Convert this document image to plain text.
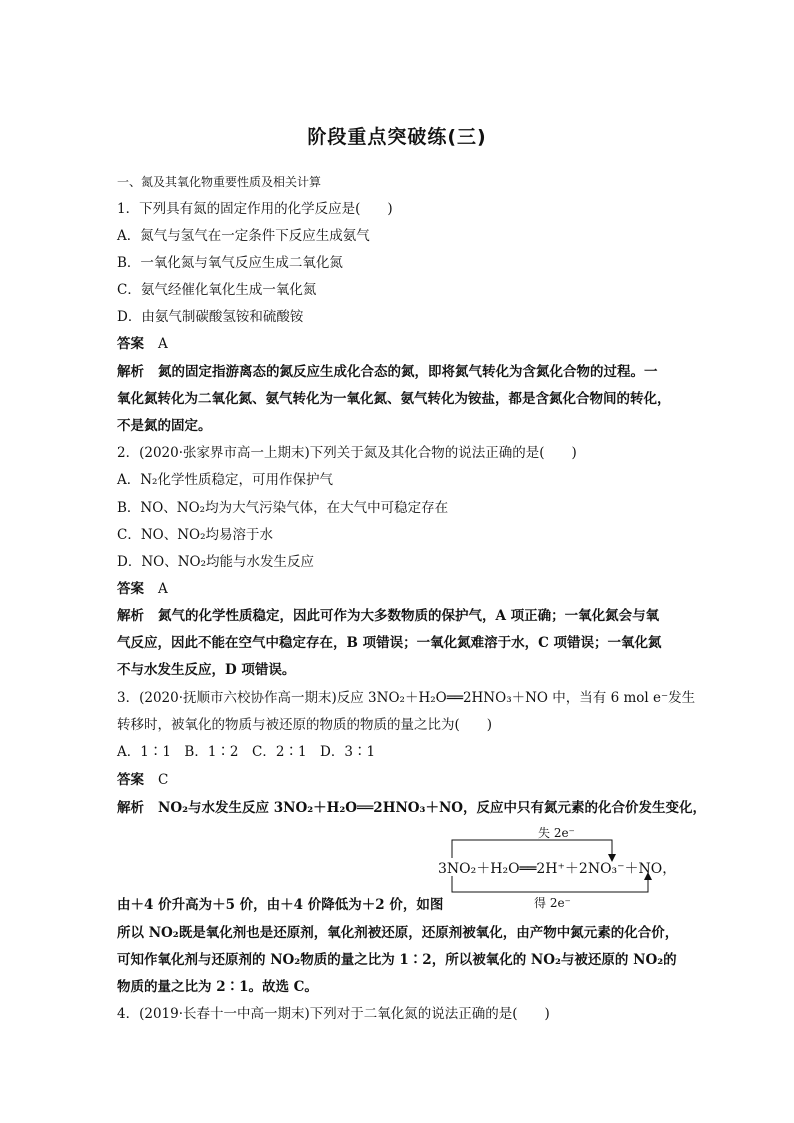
阶段重点突破练(三)
一、氮及其氧化物重要性质及相关计算
1．下列具有氮的固定作用的化学反应是(　　)
A．氮气与氢气在一定条件下反应生成氨气
B．一氧化氮与氧气反应生成二氧化氮
C．氨气经催化氧化生成一氧化氮
D．由氨气制碳酸氢铵和硫酸铵
答案 A
解析 氮的固定指游离态的氮反应生成化合态的氮，即将氮气转化为含氮化合物的过程。一
氧化氮转化为二氧化氮、氨气转化为一氧化氮、氨气转化为铵盐，都是含氮化合物间的转化，
不是氮的固定。
2．(2020·张家界市高一上期末)下列关于氮及其化合物的说法正确的是(　　)
A．N₂化学性质稳定，可用作保护气
B．NO、NO₂均为大气污染气体，在大气中可稳定存在
C．NO、NO₂均易溶于水
D．NO、NO₂均能与水发生反应
答案 A
解析 氮气的化学性质稳定，因此可作为大多数物质的保护气，A 项正确；一氧化氮会与氧
气反应，因此不能在空气中稳定存在，B 项错误；一氧化氮难溶于水，C 项错误；一氧化氮
不与水发生反应，D 项错误。
3．(2020·抚顺市六校协作高一期末)反应 3NO₂＋H₂O══2HNO₃＋NO 中，当有 6 mol e⁻发生
转移时，被氧化的物质与被还原的物质的物质的量之比为(　　)
A．1∶1　B．1∶2　C．2∶1　D．3∶1
答案 C
解析 NO₂与水发生反应 3NO₂＋H₂O══2HNO₃＋NO，反应中只有氮元素的化合价发生变化，
失 2e⁻
3NO₂＋H₂O══2H⁺＋2NO₃⁻＋NO，
得 2e⁻
由＋4 价升高为＋5 价，由＋4 价降低为＋2 价，如图
所以 NO₂既是氧化剂也是还原剂，氧化剂被还原，还原剂被氧化，由产物中氮元素的化合价，
可知作氧化剂与还原剂的 NO₂物质的量之比为 1∶2，所以被氧化的 NO₂与被还原的 NO₂的
物质的量之比为 2∶1。故选 C。
4．(2019·长春十一中高一期末)下列对于二氧化氮的说法正确的是(　　)
